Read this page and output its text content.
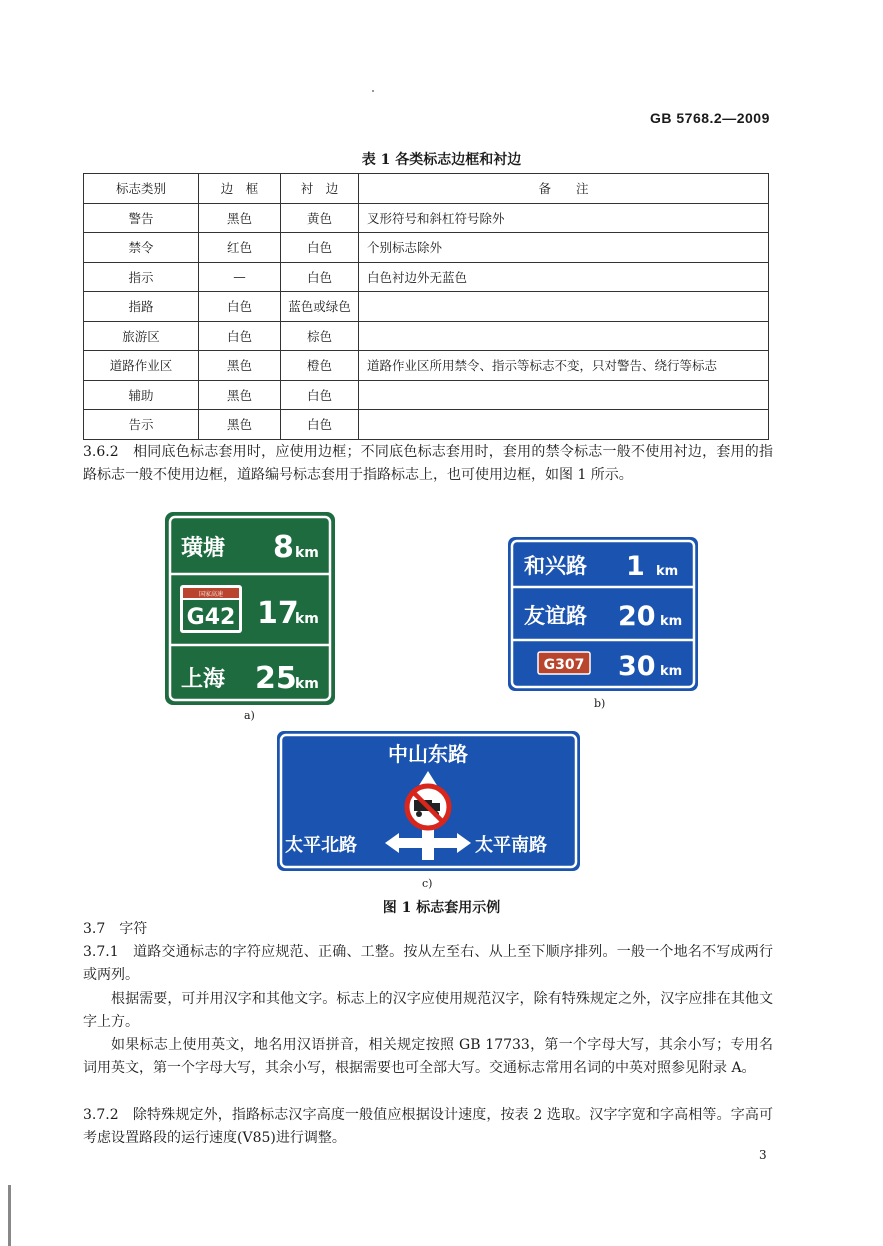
GB 5768.2—2009
表 1 各类标志边框和衬边
标志类别	边　框	衬　边	备　　注
警告	黑色	黄色	叉形符号和斜杠符号除外
禁令	红色	白色	个别标志除外
指示	—	白色	白色衬边外无蓝色
指路	白色	蓝色或绿色	
旅游区	白色	棕色	
道路作业区	黑色	橙色	道路作业区所用禁令、指示等标志不变，只对警告、绕行等标志
辅助	黑色	白色	
告示	黑色	白色	
3.6.2　相同底色标志套用时，应使用边框；不同底色标志套用时，套用的禁令标志一般不使用衬边，套用的指路标志一般不使用边框，道路编号标志套用于指路标志上，也可使用边框，如图 1 所示。
璜塘 8 km
国家高速
G42 17
km
上海 25
km
a)
和兴路 1 km
友谊路 20 km
G307 30 km
b)
中山东路
太平北路	太平南路
c)
图 1 标志套用示例
3.7　字符
3.7.1　道路交通标志的字符应规范、正确、工整。按从左至右、从上至下顺序排列。一般一个地名不写成两行或两列。
根据需要，可并用汉字和其他文字。标志上的汉字应使用规范汉字，除有特殊规定之外，汉字应排在其他文字上方。
如果标志上使用英文，地名用汉语拼音，相关规定按照 GB 17733，第一个字母大写，其余小写；专用名词用英文，第一个字母大写，其余小写，根据需要也可全部大写。交通标志常用名词的中英对照参见附录 A。
3.7.2　除特殊规定外，指路标志汉字高度一般值应根据设计速度，按表 2 选取。汉字字宽和字高相等。字高可考虑设置路段的运行速度(V85)进行调整。
3
